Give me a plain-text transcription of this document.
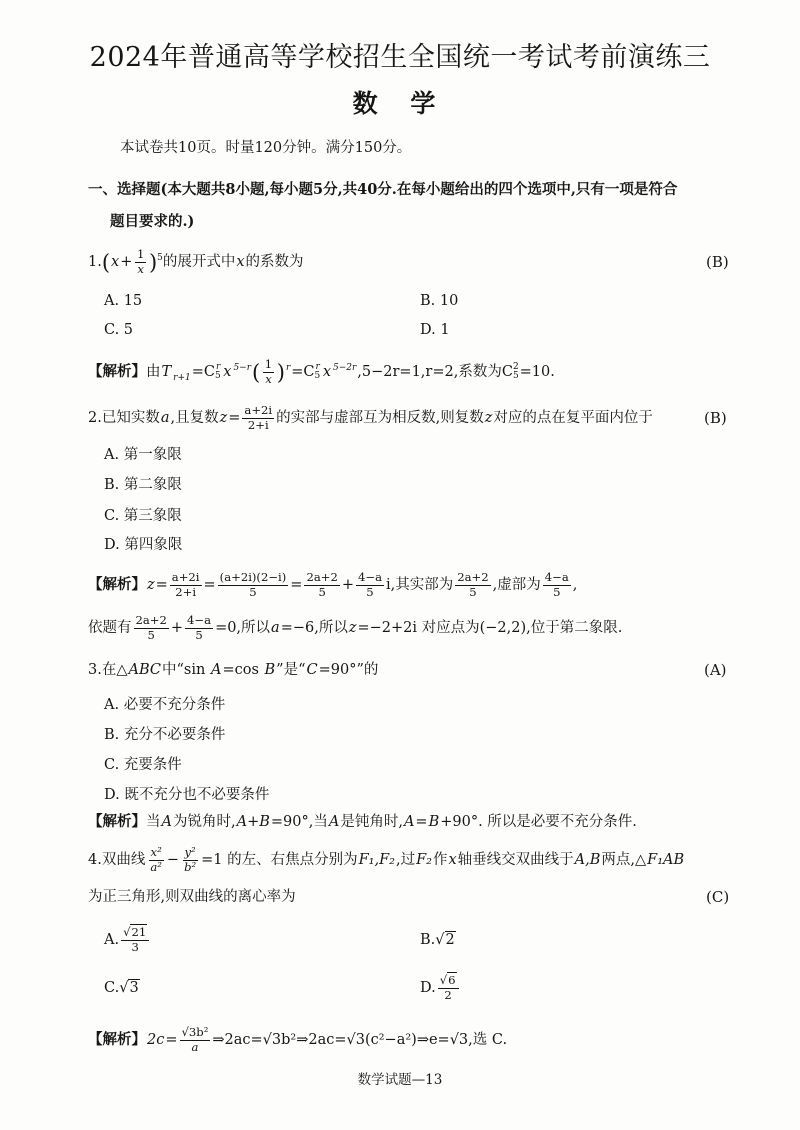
2024年普通高等学校招生全国统一考试考前演练三
数 学
本试卷共10页。时量120分钟。满分150分。
一、选择题(本大题共8小题,每小题5分,共40分.在每小题给出的四个选项中,只有一项是符合
题目要求的.)
$1.(x+ \frac{1}{x} )^5$的展开式中x的系数为	(B)
A. 15	B. 10
C. 5	D. 1
【解析】由T $_{r+1}$=C r
5 x $^{5-r}( \frac{1}{x} )^r=C$ r
5 x $^{5-2r}$,5−2r=1,r=2,系数为C 2
5 =10.
2.已知实数a,且复数$z= \frac{a+2i}{2+i}$ 的实部与虚部互为相反数,则复数z对应的点在复平面内位于	(B)
A. 第一象限
B. 第二象限
C. 第三象限
D. 第四象限
【解析】$z= \frac{a+2i}{2+i} = \frac{(a+2i)(2-i)}{5} = \frac{2a+2}{5} + \frac{4-a}{5} i$,其实部为 $\frac{2a+2}{5}$ ,虚部为 $\frac{4-a}{5}$ ,
依题有 $\frac{2a+2}{5} + \frac{4-a}{5} =0$,所以a=−6,所以z=−2+2i 对应点为(−2,2),位于第二象限.
3.在△ABC中“sin A=cos B”是“C=90°”的	(A)
A. 必要不充分条件
B. 充分不必要条件
C. 充要条件
D. 既不充分也不必要条件
【解析】当A为锐角时,A+B=90°,当A是钝角时,A=B+90°. 所以是必要不充分条件.
4.双曲线 $\frac{\text{x²}}{\text{a²}} - \frac{\text{y²}}{\text{b²}} =1$ 的左、右焦点分别为F₁,F₂,过F₂作x轴垂线交双曲线于A,B两点,△F₁AB
为正三角形,则双曲线的离心率为	(C)
A. $\frac{√21}{3}$	B.√2
C.√3	D. $\frac{√6}{2}$
【解析】$2c= \frac{\text{√3b²}}{a}$ ⇒2ac=√3b²⇒2ac=√3(c²−a²)⇒e=√3,选 C.
数学试题—13
